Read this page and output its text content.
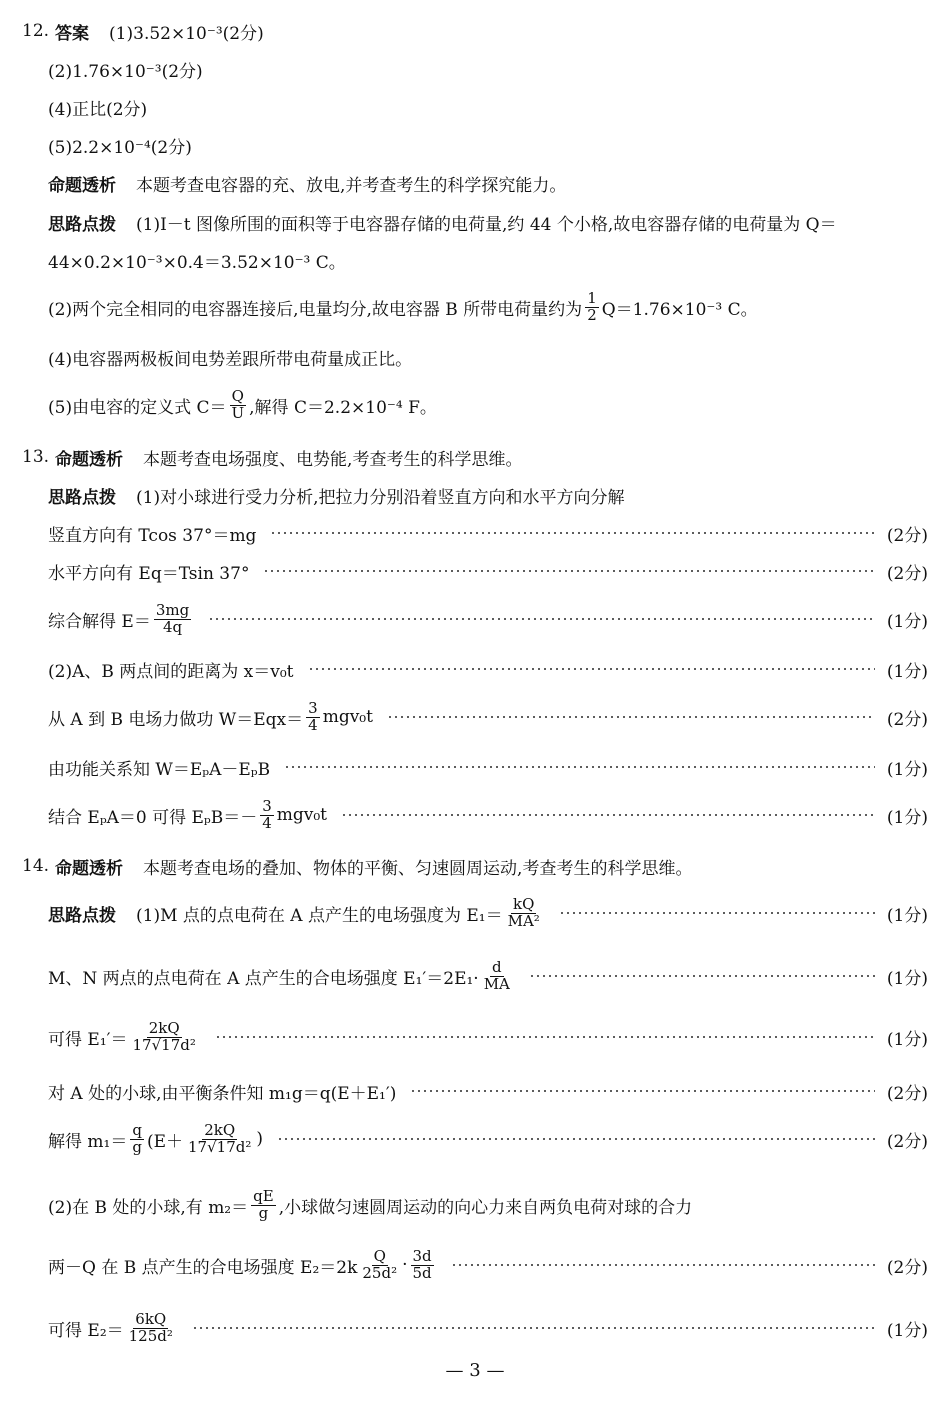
12. 答案 (1)3.52×10⁻³(2分)
(2)1.76×10⁻³(2分)
(4)正比(2分)
(5)2.2×10⁻⁴(2分)
命题透析 本题考查电容器的充、放电,并考查考生的科学探究能力。
思路点拨 (1)I－t 图像所围的面积等于电容器存储的电荷量,约 44 个小格,故电容器存储的电荷量为 Q＝
44×0.2×10⁻³×0.4＝3.52×10⁻³ C。
(2)两个完全相同的电容器连接后,电量均分,故电容器 B 所带电荷量约为 $\frac{1}{2} Q=1.76\times 10^{-3}$ C。
(4)电容器两极板间电势差跟所带电荷量成正比。
(5)由电容的定义式 $C= \frac{Q}{U}$ ,解得 C＝2.2×10⁻⁴ F。
13. 命题透析 本题考查电场强度、电势能,考查考生的科学思维。
思路点拨 (1)对小球进行受力分析,把拉力分别沿着竖直方向和水平方向分解
竖直方向有 Tcos 37°＝mg	(2分)
水平方向有 Eq＝Tsin 37°	(2分)
综合解得 $E= \frac{3mg}{4q}$	(1分)
(2)A、B 两点间的距离为 x＝v₀t	(1分)
从 A 到 B 电场力做功 $W=Eqx= \frac{3}{4} mgv_0t$	(2分)
由功能关系知 W＝EₚA－EₚB	(1分)
结合 EₚA＝0 可得 $E_pB=- \frac{3}{4} mgv_0t$	(1分)
14. 命题透析 本题考查电场的叠加、物体的平衡、匀速圆周运动,考查考生的科学思维。
思路点拨 (1)M 点的点电荷在 A 点产生的电场强度为 $E_1= \frac{kQ}{\text{MA²}}$	(1分)
M、N 两点的点电荷在 A 点产生的合电场强度 $E_1'=2E_1\cdot \frac{d}{MA}$	(1分)
可得 $E_1'= \frac{2kQ}{\text{17√17d²}}$	(1分)
对 A 处的小球,由平衡条件知 m₁g＝q(E＋E₁′)	(2分)
解得 $m_1= \frac{q}{g} (E+ \frac{2kQ}{\text{17√17d²}}$ )	(2分)
(2)在 B 处的小球,有 $m_2= \frac{qE}{g}$ ,小球做匀速圆周运动的向心力来自两负电荷对球的合力
两－Q 在 B 点产生的合电场强度 $E_2=2k \frac{Q}{\text{25d²}} \cdot \frac{3d}{5d}$	(2分)
可得 $E_2= \frac{6kQ}{\text{125d²}}$	(1分)
— 3 —
